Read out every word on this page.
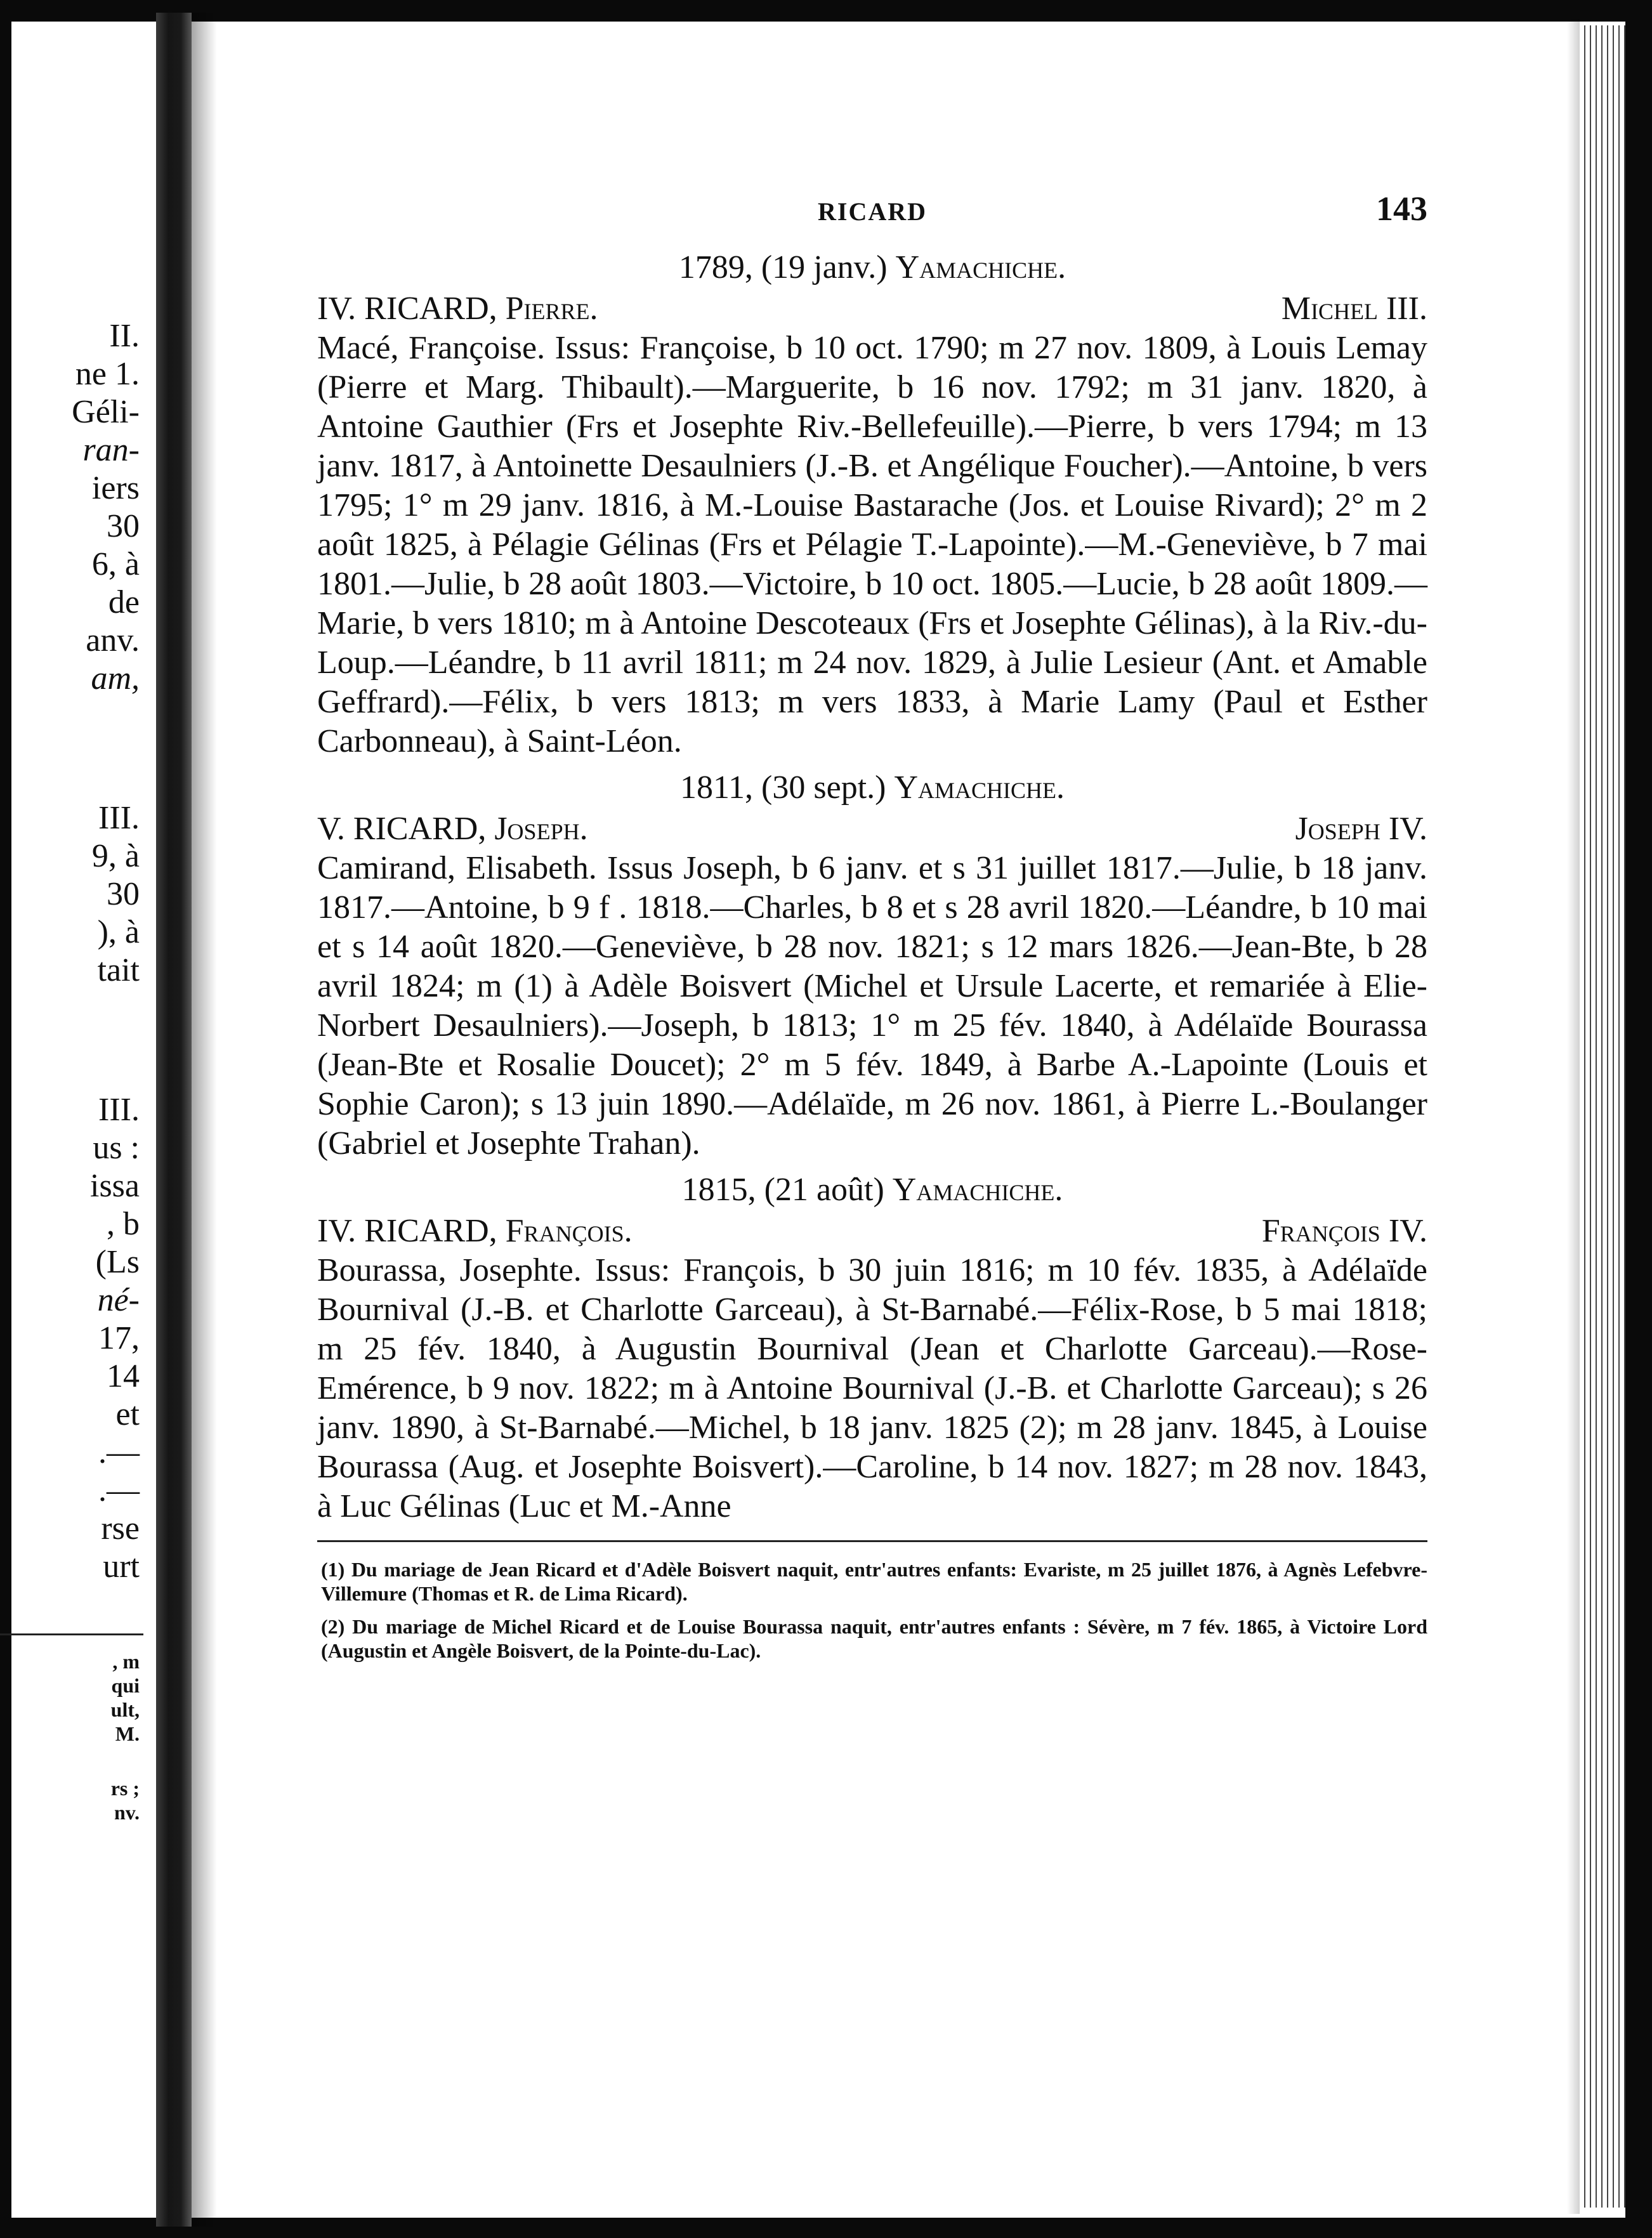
II.
ne 1.
Géli-
ran-
iers
30
6, à
de
anv.
am,
III.
9, à
30
), à
tait
III.
us :
issa
, b
(Ls
né-
17,
14
et
.—
.—
rse
urt
, m
qui
ult,
M.
rs ;
nv.
RICARD	143
1789, (19 janv.) Yamachiche.
IV. RICARD, Pierre.	Michel III.
Macé, Françoise. Issus: Françoise, b 10 oct. 1790; m 27 nov. 1809, à Louis Lemay (Pierre et Marg. Thibault).—Marguerite, b 16 nov. 1792; m 31 janv. 1820, à Antoine Gauthier (Frs et Josephte Riv.-Bellefeuille).—Pierre, b vers 1794; m 13 janv. 1817, à Antoinette Desaulniers (J.-B. et Angélique Foucher).—Antoine, b vers 1795; 1° m 29 janv. 1816, à M.-Louise Bastarache (Jos. et Louise Rivard); 2° m 2 août 1825, à Pélagie Gélinas (Frs et Pélagie T.-Lapointe).—M.-Geneviève, b 7 mai 1801.—Julie, b 28 août 1803.—Victoire, b 10 oct. 1805.—Lucie, b 28 août 1809.—Marie, b vers 1810; m à Antoine Descoteaux (Frs et Josephte Gélinas), à la Riv.-du-Loup.—Léandre, b 11 avril 1811; m 24 nov. 1829, à Julie Lesieur (Ant. et Amable Geffrard).—Félix, b vers 1813; m vers 1833, à Marie Lamy (Paul et Esther Carbonneau), à Saint-Léon.
1811, (30 sept.) Yamachiche.
V. RICARD, Joseph.	Joseph IV.
Camirand, Elisabeth. Issus Joseph, b 6 janv. et s 31 juillet 1817.—Julie, b 18 janv. 1817.—Antoine, b 9 f . 1818.—Charles, b 8 et s 28 avril 1820.—Léandre, b 10 mai et s 14 août 1820.—Geneviève, b 28 nov. 1821; s 12 mars 1826.—Jean-Bte, b 28 avril 1824; m (1) à Adèle Boisvert (Michel et Ursule Lacerte, et remariée à Elie-Norbert Desaulniers).—Joseph, b 1813; 1° m 25 fév. 1840, à Adélaïde Bourassa (Jean-Bte et Rosalie Doucet); 2° m 5 fév. 1849, à Barbe A.-Lapointe (Louis et Sophie Caron); s 13 juin 1890.—Adélaïde, m 26 nov. 1861, à Pierre L.-Boulanger (Gabriel et Josephte Trahan).
1815, (21 août) Yamachiche.
IV. RICARD, François.	François IV.
Bourassa, Josephte. Issus: François, b 30 juin 1816; m 10 fév. 1835, à Adélaïde Bournival (J.-B. et Charlotte Garceau), à St-Barnabé.—Félix-Rose, b 5 mai 1818; m 25 fév. 1840, à Augustin Bournival (Jean et Charlotte Garceau).—Rose-Emérence, b 9 nov. 1822; m à Antoine Bournival (J.-B. et Charlotte Garceau); s 26 janv. 1890, à St-Barnabé.—Michel, b 18 janv. 1825 (2); m 28 janv. 1845, à Louise Bourassa (Aug. et Josephte Boisvert).—Caroline, b 14 nov. 1827; m 28 nov. 1843, à Luc Gélinas (Luc et M.-Anne
(1) Du mariage de Jean Ricard et d'Adèle Boisvert naquit, entr'autres enfants: Evariste, m 25 juillet 1876, à Agnès Lefebvre-Villemure (Thomas et R. de Lima Ricard).
(2) Du mariage de Michel Ricard et de Louise Bourassa naquit, entr'autres enfants : Sévère, m 7 fév. 1865, à Victoire Lord (Augustin et Angèle Boisvert, de la Pointe-du-Lac).
